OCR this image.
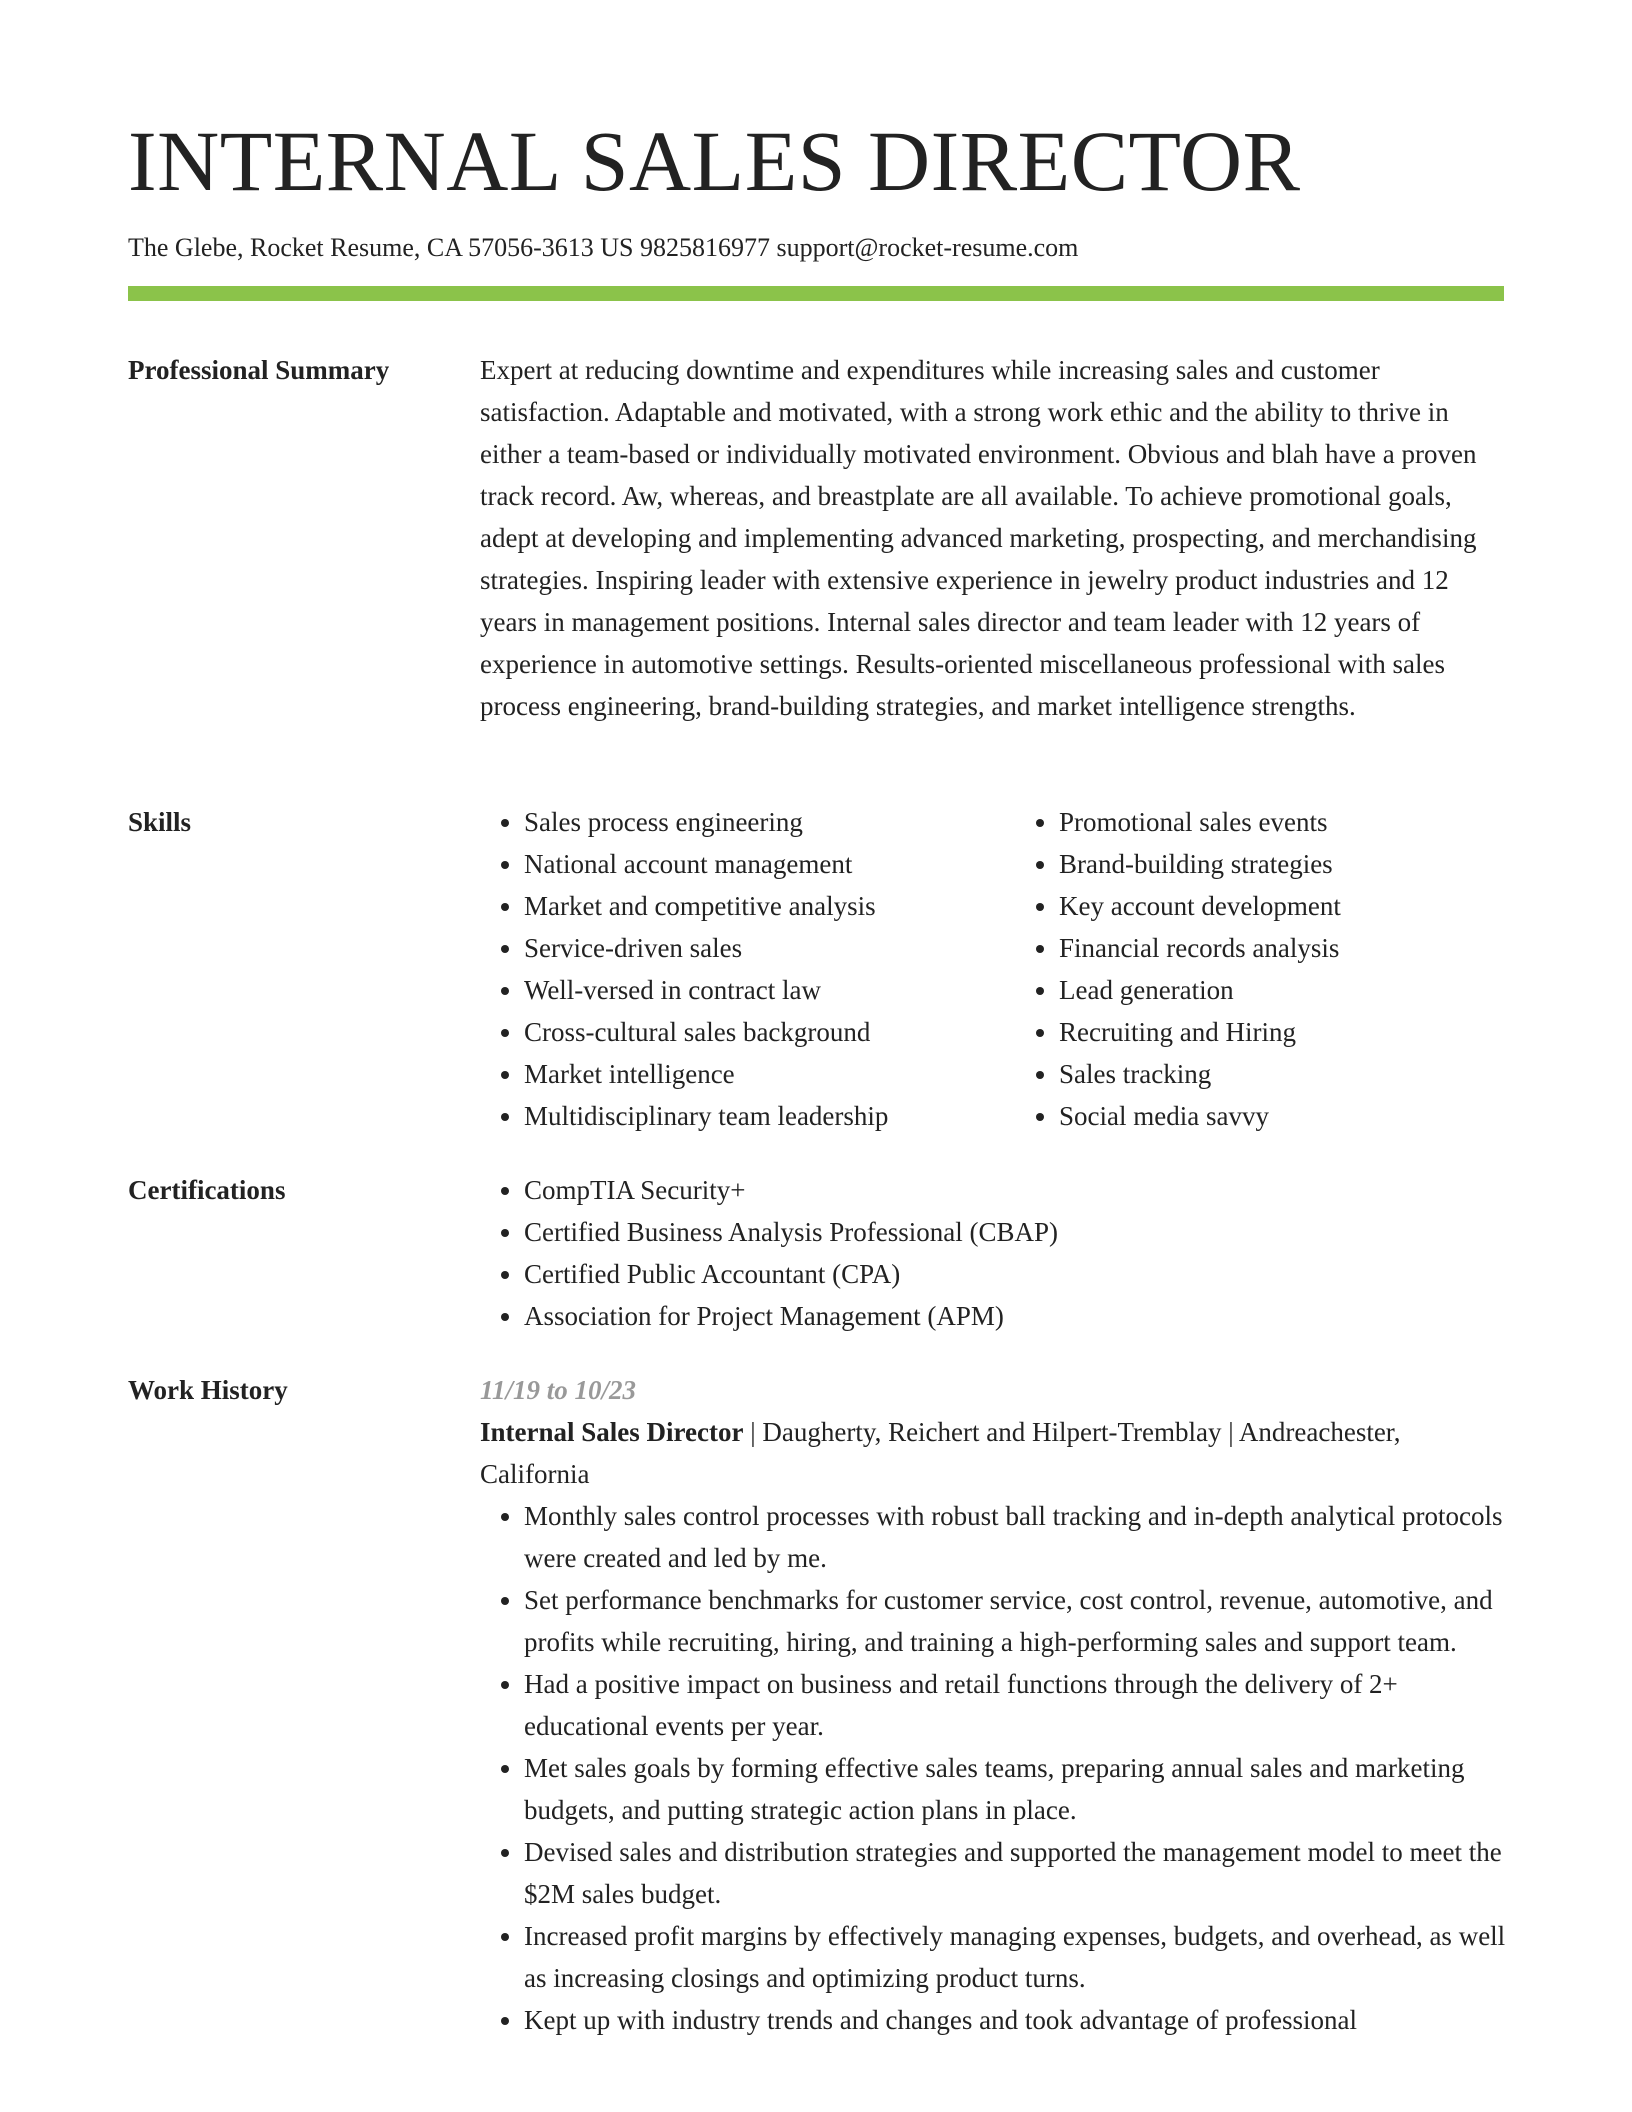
INTERNAL SALES DIRECTOR

The Glebe, Rocket Resume, CA 57056-3613 US 9825816977 support@rocket-resume.com

Professional Summary	Expert at reducing downtime and expenditures while increasing sales and customer satisfaction. Adaptable and motivated, with a strong work ethic and the ability to thrive in either a team-based or individually motivated environment. Obvious and blah have a proven track record. Aw, whereas, and breastplate are all available. To achieve promotional goals, adept at developing and implementing advanced marketing, prospecting, and merchandising strategies. Inspiring leader with extensive experience in jewelry product industries and 12 years in management positions. Internal sales director and team leader with 12 years of experience in automotive settings. Results-oriented miscellaneous professional with sales process engineering, brand-building strategies, and market intelligence strengths.

Skills	• Sales process engineering
• National account management
• Market and competitive analysis
• Service-driven sales
• Well-versed in contract law
• Cross-cultural sales background
• Market intelligence
• Multidisciplinary team leadership
• Promotional sales events
• Brand-building strategies
• Key account development
• Financial records analysis
• Lead generation
• Recruiting and Hiring
• Sales tracking
• Social media savvy
Certifications	• CompTIA Security+
• Certified Business Analysis Professional (CBAP)
• Certified Public Accountant (CPA)
• Association for Project Management (APM)
Work History	11/19 to 10/23

Internal Sales Director | Daugherty, Reichert and Hilpert-Tremblay | Andreachester, California

• Monthly sales control processes with robust ball tracking and in-depth analytical protocols were created and led by me.
• Set performance benchmarks for customer service, cost control, revenue, automotive, and profits while recruiting, hiring, and training a high-performing sales and support team.
• Had a positive impact on business and retail functions through the delivery of 2+ educational events per year.
• Met sales goals by forming effective sales teams, preparing annual sales and marketing budgets, and putting strategic action plans in place.
• Devised sales and distribution strategies and supported the management model to meet the $2M sales budget.
• Increased profit margins by effectively managing expenses, budgets, and overhead, as well as increasing closings and optimizing product turns.
• Kept up with industry trends and changes and took advantage of professional
